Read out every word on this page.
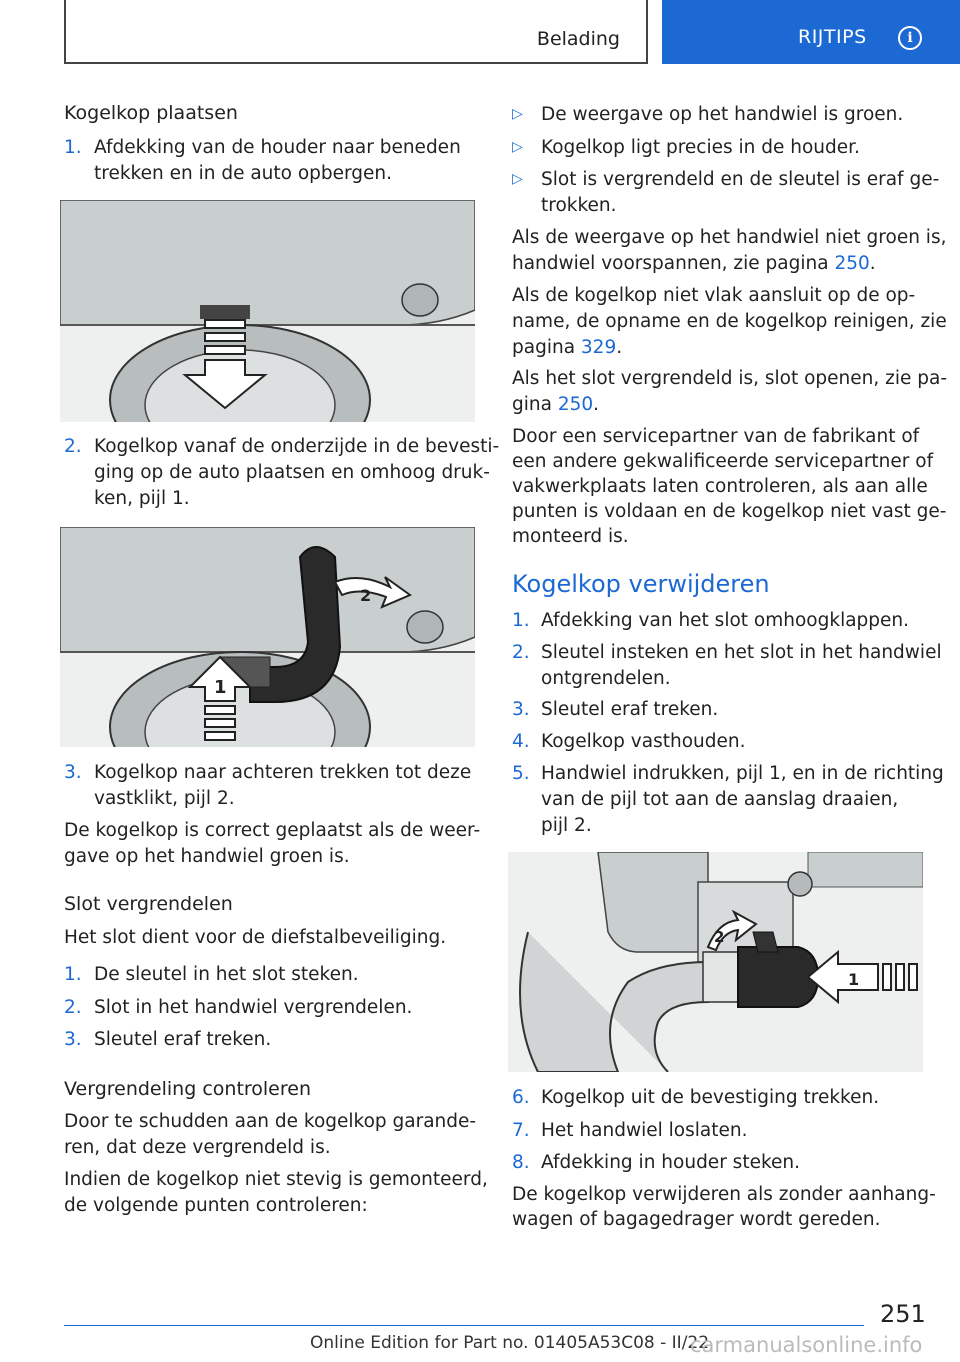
Belading	RIJTIPS	i
Kogelkop plaatsen
1. Afdekking van de houder naar beneden
trekken en in de auto opbergen.
2. Kogelkop vanaf de onderzijde in de bevesti-
ging op de auto plaatsen en omhoog druk-
ken, pijl 1.
2
1
3. Kogelkop naar achteren trekken tot deze
vastklikt, pijl 2.
De kogelkop is correct geplaatst als de weer-
gave op het handwiel groen is.
Slot vergrendelen
Het slot dient voor de diefstalbeveiliging.
1. De sleutel in het slot steken.
2. Slot in het handwiel vergrendelen.
3. Sleutel eraf treken.
Vergrendeling controleren
Door te schudden aan de kogelkop garande-
ren, dat deze vergrendeld is.
Indien de kogelkop niet stevig is gemonteerd,
de volgende punten controleren:
▷ De weergave op het handwiel is groen.
▷ Kogelkop ligt precies in de houder.
▷ Slot is vergrendeld en de sleutel is eraf ge-
trokken.
Als de weergave op het handwiel niet groen is,
handwiel voorspannen, zie pagina 250.
Als de kogelkop niet vlak aansluit op de op-
name, de opname en de kogelkop reinigen, zie
pagina 329.
Als het slot vergrendeld is, slot openen, zie pa-
gina 250.
Door een servicepartner van de fabrikant of
een andere gekwalificeerde servicepartner of
vakwerkplaats laten controleren, als aan alle
punten is voldaan en de kogelkop niet vast ge-
monteerd is.
Kogelkop verwijderen
1. Afdekking van het slot omhoogklappen.
2. Sleutel insteken en het slot in het handwiel
ontgrendelen.
3. Sleutel eraf treken.
4. Kogelkop vasthouden.
5. Handwiel indrukken, pijl 1, en in de richting
van de pijl tot aan de aanslag draaien,
pijl 2.
2
1
6. Kogelkop uit de bevestiging trekken.
7. Het handwiel loslaten.
8. Afdekking in houder steken.
De kogelkop verwijderen als zonder aanhang-
wagen of bagagedrager wordt gereden.
251
Online Edition for Part no. 01405A53C08 - II/22
carmanualsonline.info
